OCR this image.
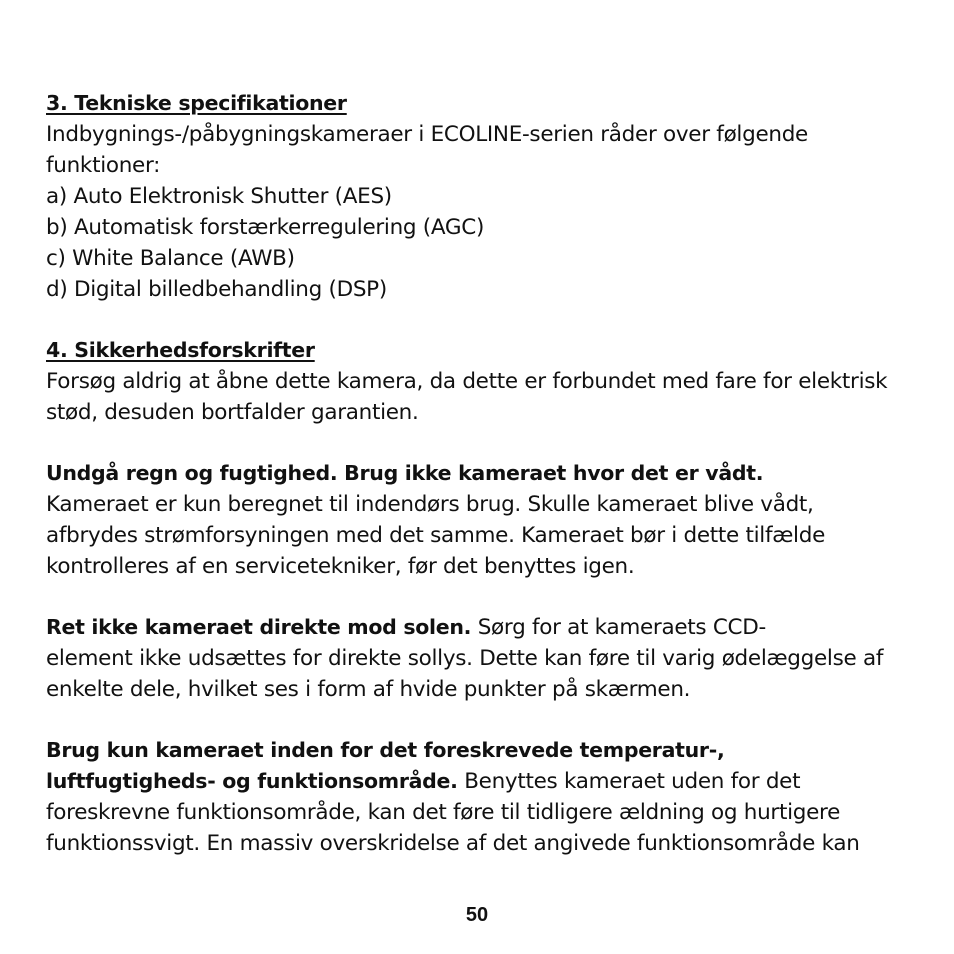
3. Tekniske specifikationer
Indbygnings-/påbygningskameraer i ECOLINE-serien råder over følgende
funktioner:
a) Auto Elektronisk Shutter (AES)
b) Automatisk forstærkerregulering (AGC)
c) White Balance (AWB)
d) Digital billedbehandling (DSP)
4. Sikkerhedsforskrifter
Forsøg aldrig at åbne dette kamera, da dette er forbundet med fare for elektrisk
stød, desuden bortfalder garantien.
Undgå regn og fugtighed. Brug ikke kameraet hvor det er vådt.
Kameraet er kun beregnet til indendørs brug. Skulle kameraet blive vådt,
afbrydes strømforsyningen med det samme. Kameraet bør i dette tilfælde
kontrolleres af en servicetekniker, før det benyttes igen.
Ret ikke kameraet direkte mod solen. Sørg for at kameraets CCD-
element ikke udsættes for direkte sollys. Dette kan føre til varig ødelæggelse af
enkelte dele, hvilket ses i form af hvide punkter på skærmen.
Brug kun kameraet inden for det foreskrevede temperatur-,
luftfugtigheds- og funktionsområde. Benyttes kameraet uden for det
foreskrevne funktionsområde, kan det føre til tidligere ældning og hurtigere
funktionssvigt. En massiv overskridelse af det angivede funktionsområde kan
50
